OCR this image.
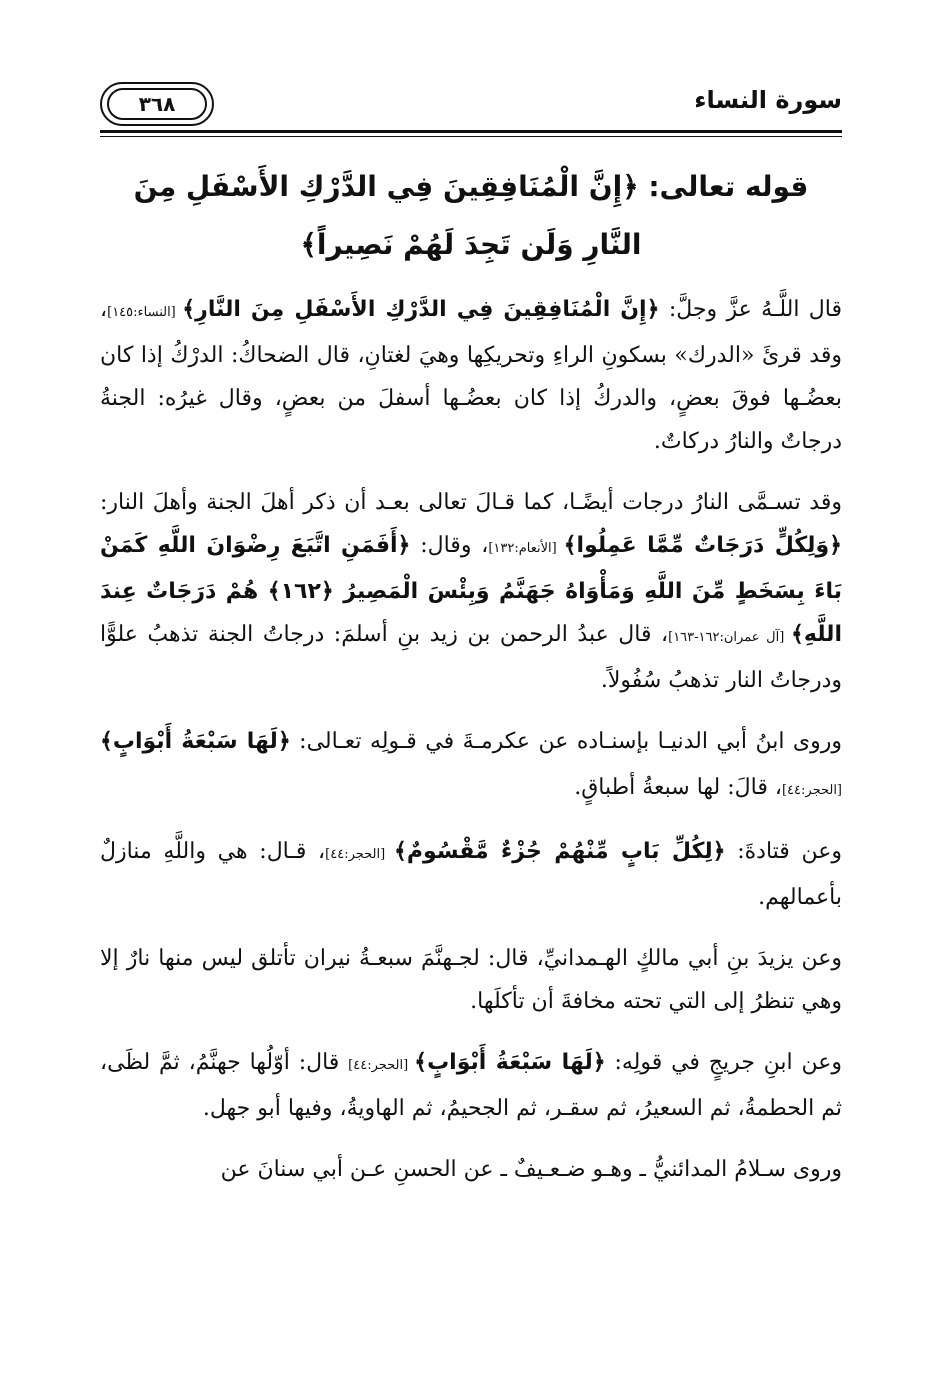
٣٦٨	سورة النساء
قوله تعالى: ﴿إِنَّ الْمُنَافِقِينَ فِي الدَّرْكِ الأَسْفَلِ مِنَ النَّارِ وَلَن تَجِدَ لَهُمْ نَصِيراً﴾

قال اللَّـهُ عزَّ وجلَّ: ﴿إِنَّ الْمُنَافِقِينَ فِي الدَّرْكِ الأَسْفَلِ مِنَ النَّارِ﴾ [النساء:١٤٥]، وقد قرئَ «الدرك» بسكونِ الراءِ وتحريكِها وهيَ لغتانِ، قال الضحاكُ: الدرْكُ إذا كان بعضُـها فوقَ بعضٍ، والدركُ إذا كان بعضُـها أسفلَ من بعضٍ، وقال غيرُه: الجنةُ درجاتٌ والنارُ دركاتٌ.

وقد تسـمَّى النارُ درجات أيضًـا، كما قـالَ تعالى بعـد أن ذكر أهلَ الجنة وأهلَ النار: ﴿وَلِكُلٍّ دَرَجَاتٌ مِّمَّا عَمِلُوا﴾ [الأنعام:١٣٢]، وقال: ﴿أَفَمَنِ اتَّبَعَ رِضْوَانَ اللَّهِ كَمَنْ بَاءَ بِسَخَطٍ مِّنَ اللَّهِ وَمَأْوَاهُ جَهَنَّمُ وَبِئْسَ الْمَصِيرُ ﴿١٦٢﴾ هُمْ دَرَجَاتٌ عِندَ اللَّهِ﴾ [آل عمران:١٦٢-١٦٣]، قال عبدُ الرحمن بن زيد بنِ أسلمَ: درجاتُ الجنة تذهبُ علوًّا ودرجاتُ النار تذهبُ سُفُولاً.

وروى ابنُ أبي الدنيـا بإسنـاده عن عكرمـةَ في قـولِه تعـالى: ﴿لَهَا سَبْعَةُ أَبْوَابٍ﴾ [الحجر:٤٤]، قالَ: لها سبعةُ أطباقٍ.

وعن قتادةَ: ﴿لِكُلِّ بَابٍ مِّنْهُمْ جُزْءٌ مَّقْسُومٌ﴾ [الحجر:٤٤]، قـال: هي واللَّهِ منازلٌ بأعمالهم.

وعن يزيدَ بنِ أبي مالكٍ الهـمدانيِّ، قال: لجـهنَّمَ سبعـةُ نيران تأتلق ليس منها نارٌ إلا وهي تنظرُ إلى التي تحته مخافةَ أن تأكلَها.

وعن ابنِ جريجٍ في قولِه: ﴿لَهَا سَبْعَةُ أَبْوَابٍ﴾ [الحجر:٤٤] قال: أوّلُها جهنَّمُ، ثمَّ لظَى، ثم الحطمةُ، ثم السعيرُ، ثم سقـر، ثم الجحيمُ، ثم الهاويةُ، وفيها أبو جهل.

وروى سـلامُ المدائنيُّ ـ وهـو ضـعـيفٌ ـ عن الحسنِ عـن أبي سنانَ عن
